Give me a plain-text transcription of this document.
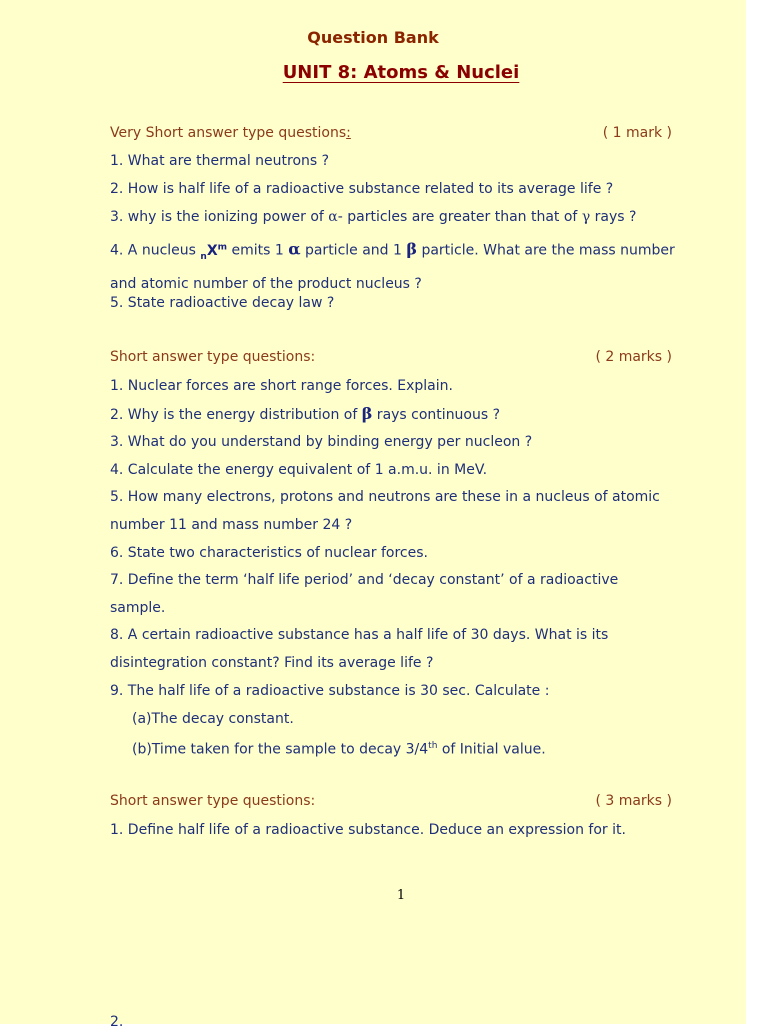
Question Bank
UNIT 8: Atoms & Nuclei
Very Short answer type questions:	( 1 mark )
1. What are thermal neutrons ?
2. How is half life of a radioactive substance related to its average life ?
3. why is the ionizing power of α- particles are greater than that of γ rays ?
4. A nucleus $_nX^m$ emits 1 α particle and 1 β particle. What are the mass number and atomic number of the product nucleus ?
5. State radioactive decay law ?
Short answer type questions:	( 2 marks )
1. Nuclear forces are short range forces. Explain.
2. Why is the energy distribution of β rays continuous ?
3. What do you understand by binding energy per nucleon ?
4. Calculate the energy equivalent of 1 a.m.u. in MeV.
5. How many electrons, protons and neutrons are these in a nucleus of atomic number 11 and mass number 24 ?
6. State two characteristics of nuclear forces.
7. Define the term ‘half life period’ and ‘decay constant’ of a radioactive sample.
8. A certain radioactive substance has a half life of 30 days. What is its disintegration constant? Find its average life ?
9. The half life of a radioactive substance is 30 sec. Calculate :
(a)The decay constant.
(b)Time taken for the sample to decay 3/4th of Initial value.
Short answer type questions:	( 3 marks )
1. Define half life of a radioactive substance. Deduce an expression for it.
1
2.
